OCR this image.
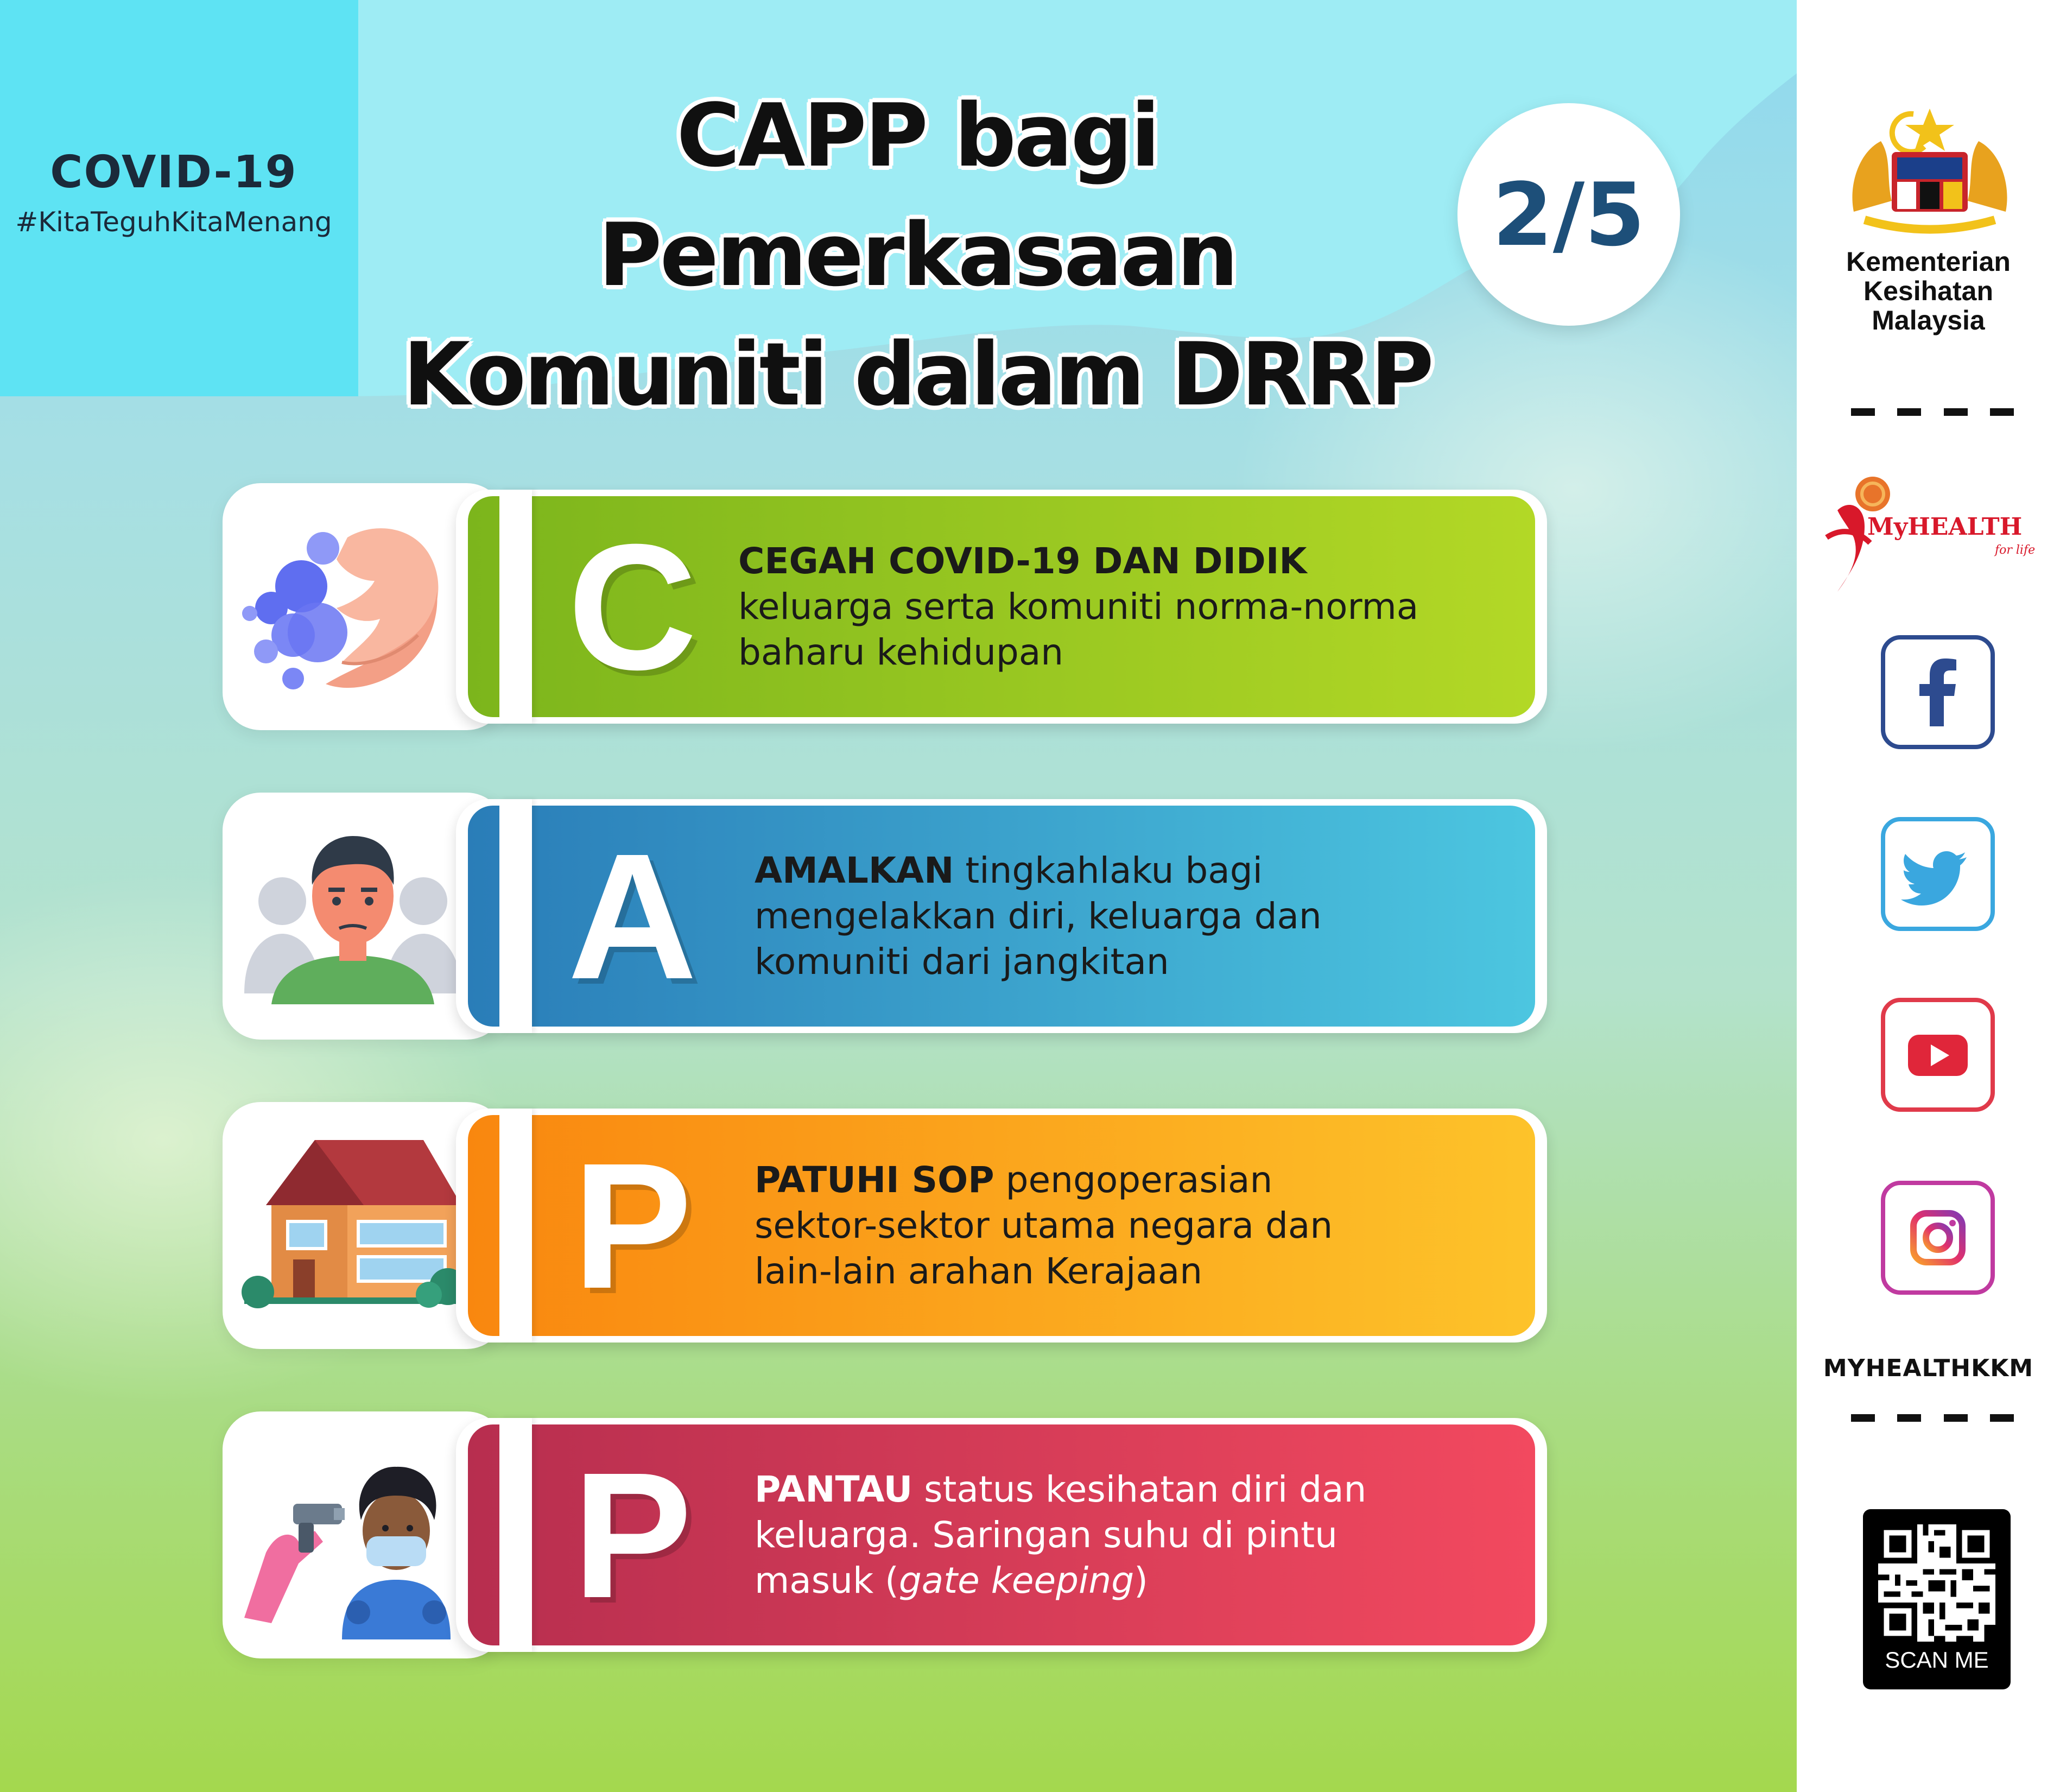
COVID-19
#KitaTeguhKitaMenang
CAPP bagi Pemerkasaan
Komuniti dalam DRRP
2/5	Kementerian
Kesihatan
Malaysia
MyHEALTH
for life
MYHEALTHKKM
SCAN ME
C	CEGAH COVID-19 DAN DIDIK
keluarga serta komuniti norma-norma
baharu kehidupan
A	AMALKAN tingkahlaku bagi
mengelakkan diri, keluarga dan
komuniti dari jangkitan
P	PATUHI SOP pengoperasian
sektor-sektor utama negara dan
lain-lain arahan Kerajaan
P	PANTAU status kesihatan diri dan
keluarga. Saringan suhu di pintu
masuk (gate keeping)
